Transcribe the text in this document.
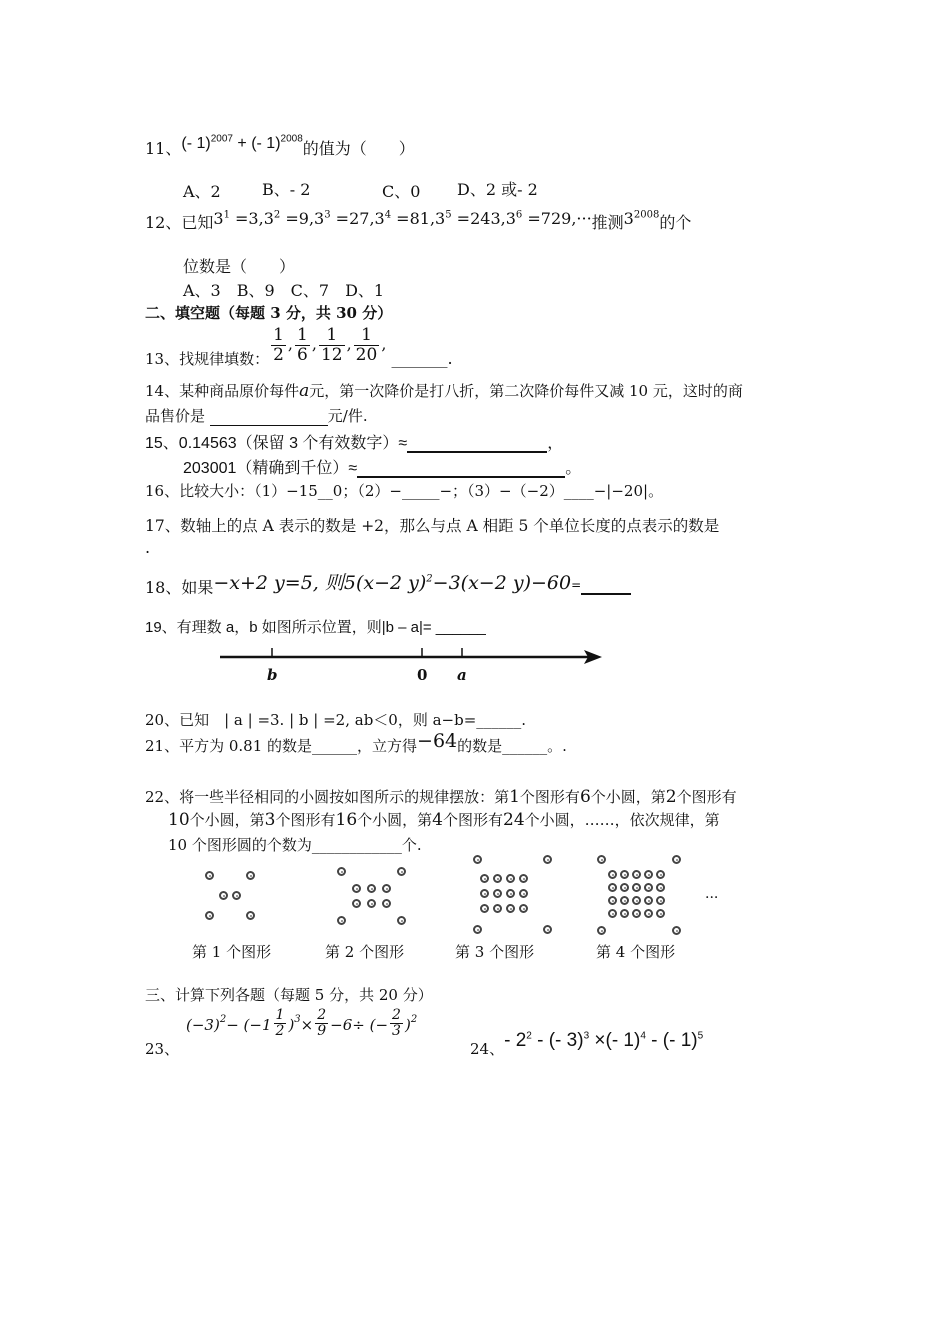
11、(- 1)$^{2007}$ + (- 1)$^{2008}$的值为（　　）
A、2	B、- 2	C、0 D、2 或- 2
12、已知$3^1 =3,3^2 =9,3^3 =27,3^4 =81,3^5 =243,3^6 =729,\cdot\cdot\cdot$推测$3^{2008}$的个
位数是（　　）
A、3　B、9　C、7　D、1
二、填空题（每题 3 分，共 30 分）
13、找规律填数： $\frac{1}{2}$ , $\frac{1}{6}$ , $\frac{1}{12}$ , $\frac{1}{20}$ , _______.
14、某种商品原价每件a元，第一次降价是打八折，第二次降价每件又减 10 元，这时的商
品售价是	元/件.
15、0.14563（保留 3 个有效数字）≈	，
203001（精确到千位）≈	。
16、比较大小：（1）−15__0；（2）−_____−；（3）−（−2）____−|−20|。
17、数轴上的点 A 表示的数是 +2，那么与点 A 相距 5 个单位长度的点表示的数是
.
18、如果−x+2 y=5, 则5(x−2 y)$^2$−3(x−2 y)−60=
19、有理数 a，b 如图所示位置，则|b – a|= ______
b	0 a
20、已知　| a | =3. | b | =2, ab＜0，则 a−b=______.
21、平方为 0.81 的数是______，立方得−64的数是______。.
22、将一些半径相同的小圆按如图所示的规律摆放：第1个图形有6个小圆，第2个图形有
10个小圆，第3个图形有16个小圆，第4个图形有24个小圆，……，依次规律，第
10 个图形圆的个数为____________个.
...
第 1 个图形	第 2 个图形	第 3 个图形	第 4 个图形
三、计算下列各题（每题 5 分，共 20 分）
23、
$(-3)^2- (-1 \frac{1}{2} )^3\times \frac{2}{9} -6\div$ (− $\frac{2}{3} )^2$
24、- $2^2$ - (- 3)$^3$ ×(- 1)$^4$ - (- 1)$^5$
